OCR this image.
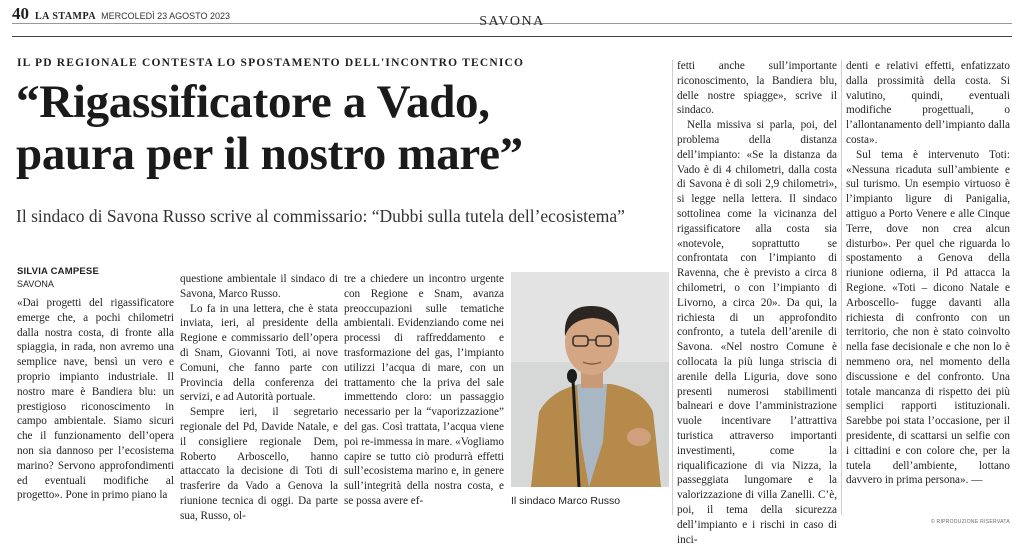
40 LA STAMPA MERCOLEDÌ 23 AGOSTO 2023	SAVONA
IL PD REGIONALE CONTESTA LO SPOSTAMENTO DELL'INCONTRO TECNICO
“Rigassificatore a Vado,
paura per il nostro mare”
Il sindaco di Savona Russo scrive al commissario: “Dubbi sulla tutela dell’ecosistema”
SILVIA CAMPESE
SAVONA

«Dai progetti del rigassificatore emerge che, a pochi chilometri dalla nostra costa, di fronte alla spiaggia, in rada, non avremo una semplice nave, bensì un vero e proprio impianto industriale. Il nostro mare è Bandiera blu: un prestigioso riconoscimento in campo ambientale. Siamo sicuri che il funzionamento dell’opera non sia dannoso per l’ecosistema marino? Servono approfondimenti ed eventuali modifiche al progetto». Pone in primo piano la

questione ambientale il sindaco di Savona, Marco Russo.

Lo fa in una lettera, che è stata inviata, ieri, al presidente della Regione e commissario dell’opera di Snam, Giovanni Toti, ai nove Comuni, che fanno parte con Provincia della conferenza dei servizi, e ad Autorità portuale.

Sempre ieri, il segretario regionale del Pd, Davide Natale, e il consigliere regionale Dem, Roberto Arboscello, hanno attaccato la decisione di Toti di trasferire da Vado a Genova la riunione tecnica di oggi. Da parte sua, Russo, ol-

tre a chiedere un incontro urgente con Regione e Snam, avanza preoccupazioni sulle tematiche ambientali. Evidenziando come nei processi di raffreddamento e trasformazione del gas, l’impianto utilizzi l’acqua di mare, con un trattamento che la priva del sale immettendo cloro: un passaggio necessario per la “vaporizzazione” del gas. Così trattata, l’acqua viene poi re-immessa in mare. «Vogliamo capire se tutto ciò produrrà effetti sull’ecosistema marino e, in genere sull’integrità della nostra costa, e se possa avere ef-

fetti anche sull’importante riconoscimento, la Bandiera blu, delle nostre spiagge», scrive il sindaco.

Nella missiva si parla, poi, del problema della distanza dell’impianto: «Se la distanza da Vado è di 4 chilometri, dalla costa di Savona è di soli 2,9 chilometri», si legge nella lettera. Il sindaco sottolinea come la vicinanza del rigassificatore alla costa sia «notevole, soprattutto se confrontata con l’impianto di Ravenna, che è previsto a circa 8 chilometri, o con l’impianto di Livorno, a circa 20». Da qui, la richiesta di un approfondito confronto, a tutela dell’arenile di Savona. «Nel nostro Comune è collocata la più lunga striscia di arenile della Liguria, dove sono presenti numerosi stabilimenti balneari e dove l’amministrazione vuole incentivare l’attrattiva turistica attraverso importanti investimenti, come la riqualificazione di via Nizza, la passeggiata lungomare e la valorizzazione di villa Zanelli. C’è, poi, il tema della sicurezza dell’impianto e i rischi in caso di inci-

denti e relativi effetti, enfatizzato dalla prossimità della costa. Si valutino, quindi, eventuali modifiche progettuali, o l’allontanamento dell’impianto dalla costa».

Sul tema è intervenuto Toti: «Nessuna ricaduta sull’ambiente e sul turismo. Un esempio virtuoso è l’impianto ligure di Panigalia, attiguo a Porto Venere e alle Cinque Terre, dove non crea alcun disturbo». Per quel che riguarda lo spostamento a Genova della riunione odierna, il Pd attacca la Regione. «Toti – dicono Natale e Arboscello- fugge davanti alla richiesta di confronto con un territorio, che non è stato coinvolto nella fase decisionale e che non lo è nemmeno ora, nel momento della discussione e del confronto. Una totale mancanza di rispetto dei più semplici rapporti istituzionali. Sarebbe poi stata l’occasione, per il presidente, di scattarsi un selfie con i cittadini e con colore che, per la tutela dell’ambiente, lottano davvero in prima persona». —

Il sindaco Marco Russo
© RIPRODUZIONE RISERVATA
